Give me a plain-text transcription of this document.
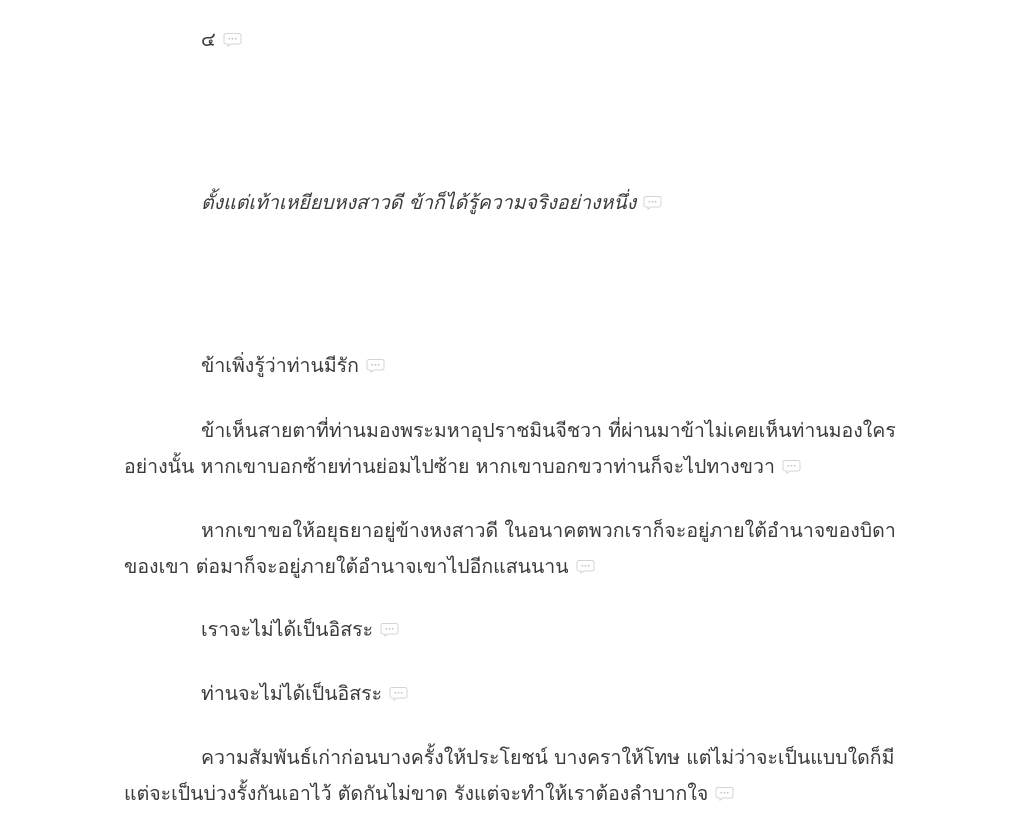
๔

ตั้งแต่เท้าเหยียบหงสาวดี ข้าก็ได้รู้ความจริงอย่างหนึ่ง

ข้าเพิ่งรู้ว่าท่านมีรัก

ข้าเห็นสายตาที่ท่านมองพระมหาอุปราชมินจีชวา ที่ผ่านมาข้าไม่เคยเห็นท่านมองใครอย่างนั้น หากเขาบอกซ้ายท่านย่อมไปซ้าย หากเขาบอกขวาท่านก็จะไปทางขวา

หากเขาขอให้อยุธยาอยู่ข้างหงสาวดี ในอนาคตพวกเราก็จะอยู่ภายใต้อำนาจของบิดาของเขา ต่อมาก็จะอยู่ภายใต้อำนาจเขาไปอีกแสนนาน

เราจะไม่ได้เป็นอิสระ

ท่านจะไม่ได้เป็นอิสระ

ความสัมพันธ์เก่าก่อนบางครั้งให้ประโยชน์ บางคราให้โทษ แต่ไม่ว่าจะเป็นแบบใดก็มีแต่จะเป็นบ่วงรั้งกันเอาไว้ ตัดกันไม่ขาด รังแต่จะทำให้เราต้องลำบากใจ
